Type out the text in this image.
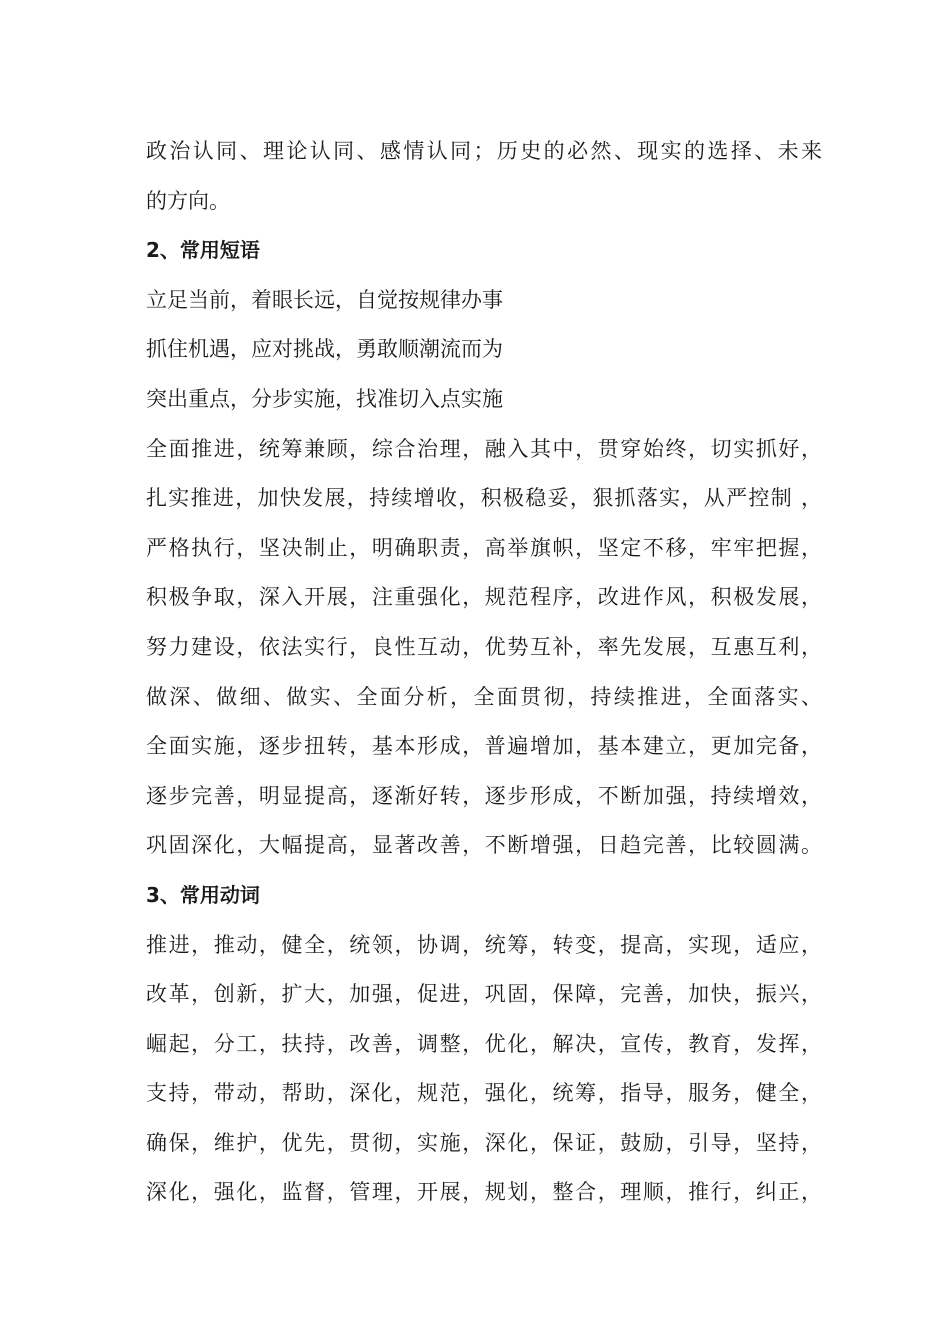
政治认同、理论认同、感情认同；历史的必然、现实的选择、未来
的方向。
2、常用短语
立足当前，着眼长远，自觉按规律办事
抓住机遇，应对挑战，勇敢顺潮流而为
突出重点，分步实施，找准切入点实施
全面推进，统筹兼顾，综合治理，融入其中，贯穿始终，切实抓好，
扎实推进，加快发展，持续增收，积极稳妥，狠抓落实，从严控制 ，
严格执行，坚决制止，明确职责，高举旗帜，坚定不移，牢牢把握，
积极争取，深入开展，注重强化，规范程序，改进作风，积极发展，
努力建设，依法实行，良性互动，优势互补，率先发展，互惠互利，
做深、做细、做实、全面分析，全面贯彻，持续推进，全面落实、
全面实施，逐步扭转，基本形成，普遍增加，基本建立，更加完备，
逐步完善，明显提高，逐渐好转，逐步形成，不断加强，持续增效，
巩固深化，大幅提高，显著改善，不断增强，日趋完善，比较圆满。
3、常用动词
推进，推动，健全，统领，协调，统筹，转变，提高，实现，适应，
改革，创新，扩大，加强，促进，巩固，保障，完善，加快，振兴，
崛起，分工，扶持，改善，调整，优化，解决，宣传，教育，发挥，
支持，带动，帮助，深化，规范，强化，统筹，指导，服务，健全，
确保，维护，优先，贯彻，实施，深化，保证，鼓励，引导，坚持，
深化，强化，监督，管理，开展，规划，整合，理顺，推行，纠正，
